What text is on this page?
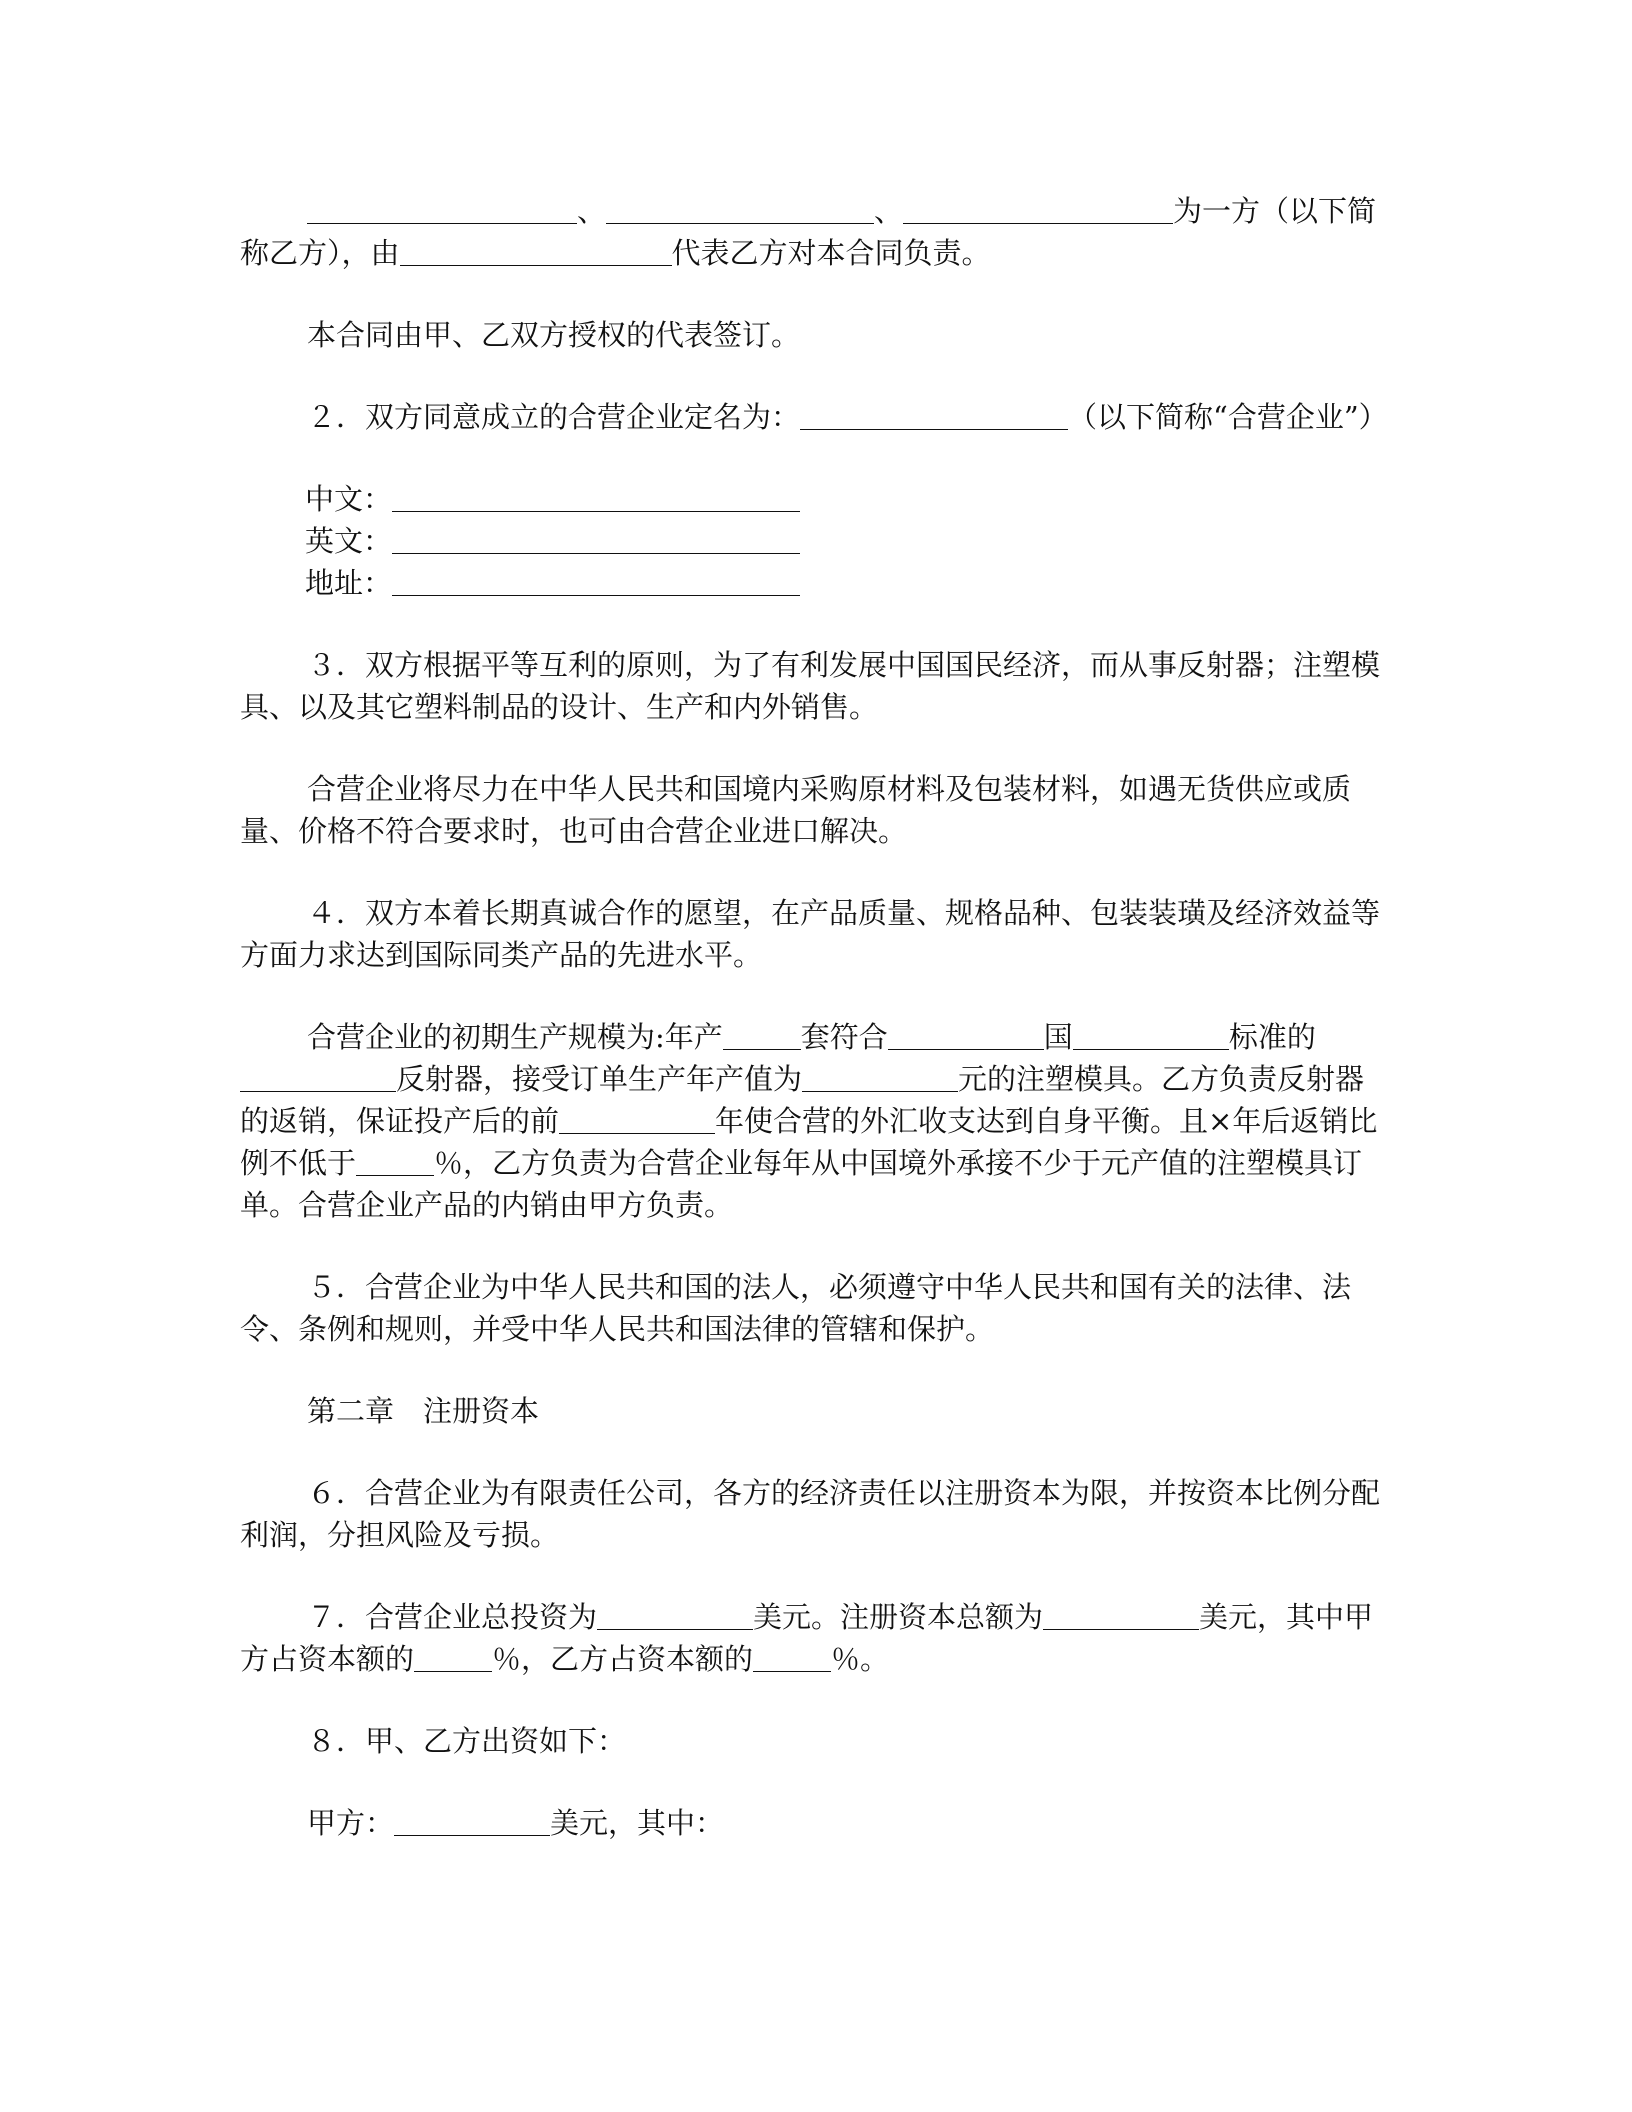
、	、	为一方（以下简称乙方），由	代表乙方对本合同负责。

本合同由甲、乙双方授权的代表签订。

２．双方同意成立的合营企业定名为：	（以下简称“合营企业”）

中文：
英文：
地址：

３．双方根据平等互利的原则，为了有利发展中国国民经济，而从事反射器；注塑模具、以及其它塑料制品的设计、生产和内外销售。

合营企业将尽力在中华人民共和国境内采购原材料及包装材料，如遇无货供应或质量、价格不符合要求时，也可由合营企业进口解决。

４．双方本着长期真诚合作的愿望，在产品质量、规格品种、包装装璜及经济效益等方面力求达到国际同类产品的先进水平。

合营企业的初期生产规模为:年产	套符合	国	标准的反射器，接受订单生产年产值为	元的注塑模具。乙方负责反射器的返销，保证投产后的前	年使合营的外汇收支达到自身平衡。且×年后返销比例不低于	％，乙方负责为合营企业每年从中国境外承接不少于元产值的注塑模具订单。合营企业产品的内销由甲方负责。

５．合营企业为中华人民共和国的法人，必须遵守中华人民共和国有关的法律、法令、条例和规则，并受中华人民共和国法律的管辖和保护。

第二章　注册资本

６．合营企业为有限责任公司，各方的经济责任以注册资本为限，并按资本比例分配利润，分担风险及亏损。

７．合营企业总投资为	美元。注册资本总额为	美元，其中甲方占资本额的	％，乙方占资本额的	％。

８．甲、乙方出资如下：

甲方：	美元，其中：
